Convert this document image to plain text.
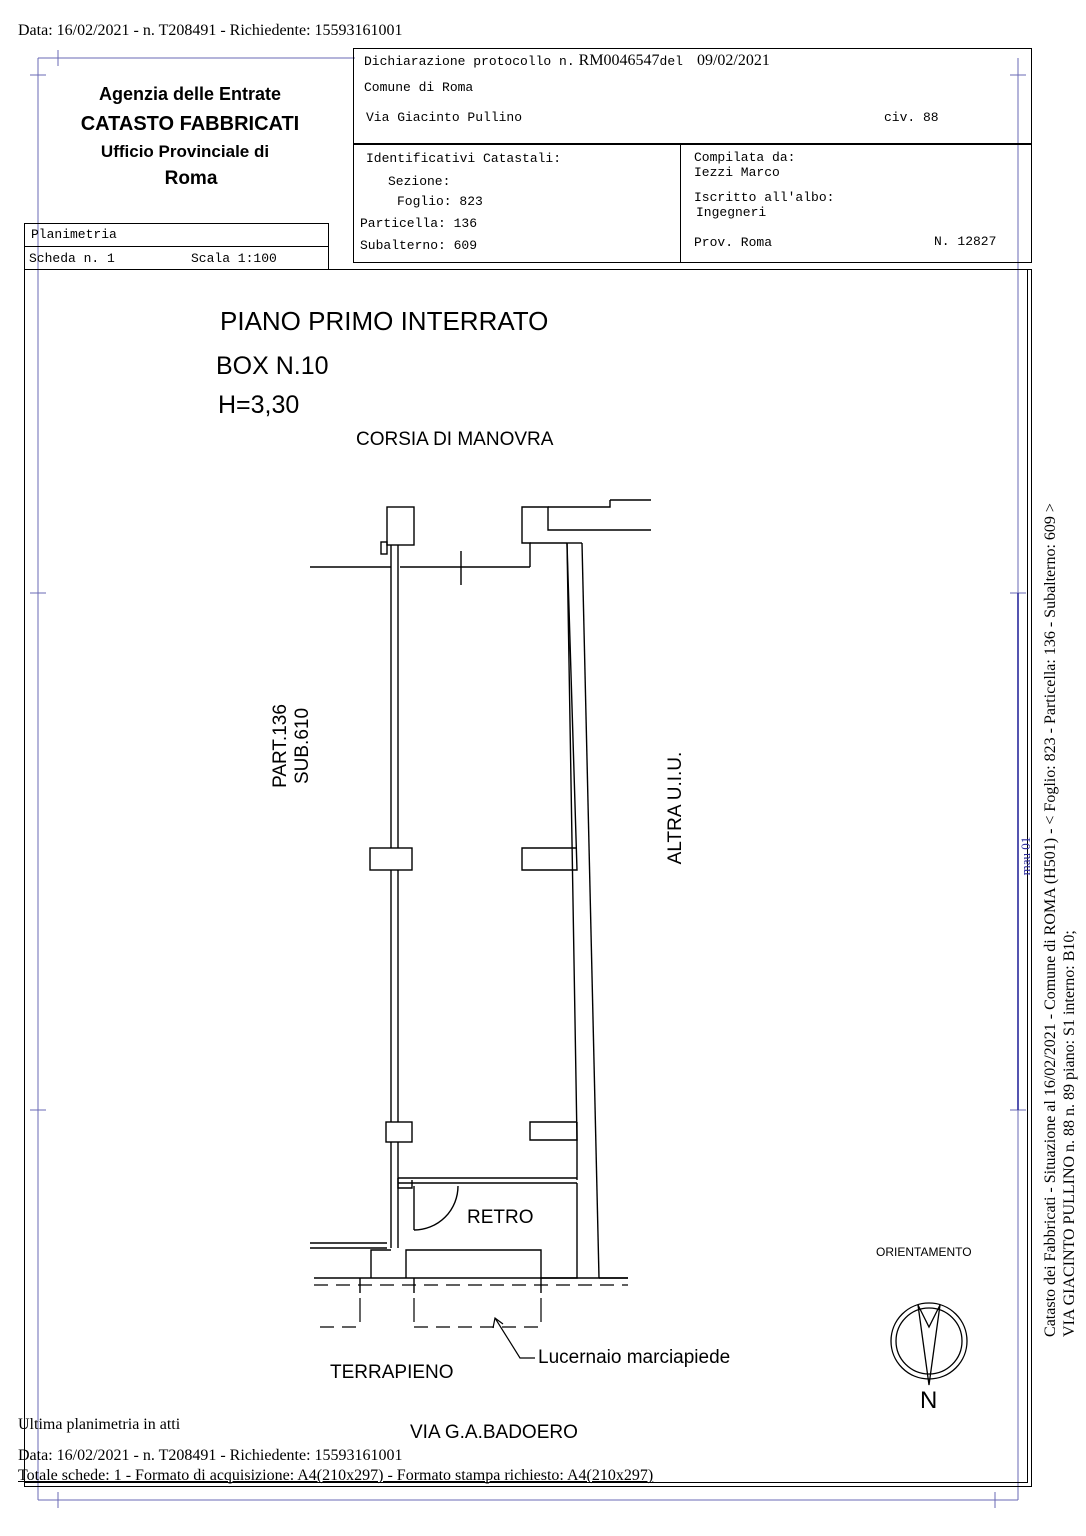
Data: 16/02/2021 - n. T208491 - Richiedente: 15593161001
Agenzia delle Entrate
CATASTO FABBRICATI
Ufficio Provinciale di
Roma
Planimetria
Scheda n. 1	Scala 1:100
Dichiarazione protocollo n. RM0046547del 09/02/2021
Comune di Roma
Via Giacinto Pullino	civ. 88
Identificativi Catastali:
Sezione:
Foglio: 823
Particella: 136
Subalterno: 609
Compilata da:
Iezzi Marco
Iscritto all'albo:
Ingegneri
Prov. Roma	N. 12827
PIANO PRIMO INTERRATO
BOX N.10
H=3,30
CORSIA DI MANOVRA
PART.136 SUB.610
ALTRA U.I.U.
RETRO
ORIENTAMENTO
N
TERRAPIENO
Lucernaio marciapiede
VIA G.A.BADOERO
Catasto dei Fabbricati - Situazione al 16/02/2021 - Comune di ROMA (H501) - < Foglio: 823 - Particella: 136 - Subalterno: 609 > VIA GIACINTO PULLINO n. 88 n. 89 piano: S1 interno: B10;
mau 01
Ultima planimetria in atti
Data: 16/02/2021 - n. T208491 - Richiedente: 15593161001
Totale schede: 1 - Formato di acquisizione: A4(210x297) - Formato stampa richiesto: A4(210x297)
